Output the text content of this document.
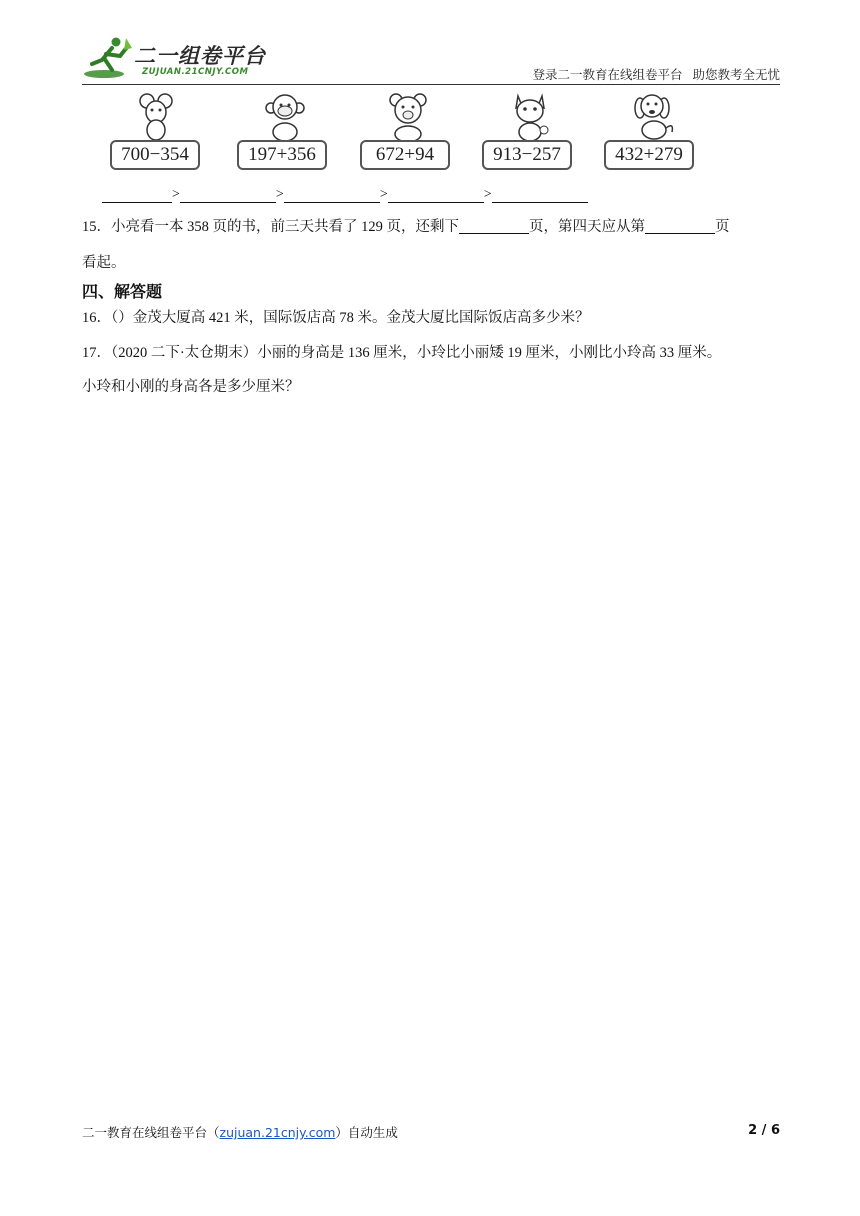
二一组卷平台
ZUJUAN.21CNJY.COM	登录二一教育在线组卷平台 助您教考全无忧
700−354	197+356	672+94	913−257	432+279
>	>	>	>
15．小亮看一本 358 页的书，前三天共看了 129 页，还剩下	页，第四天应从第	页
看起。
四、解答题
16．（）金茂大厦高 421 米，国际饭店高 78 米。金茂大厦比国际饭店高多少米？
17．（2020 二下·太仓期末）小丽的身高是 136 厘米，小玲比小丽矮 19 厘米，小刚比小玲高 33 厘米。
小玲和小刚的身高各是多少厘米？
二一教育在线组卷平台（zujuan.21cnjy.com）自动生成	2 / 6
